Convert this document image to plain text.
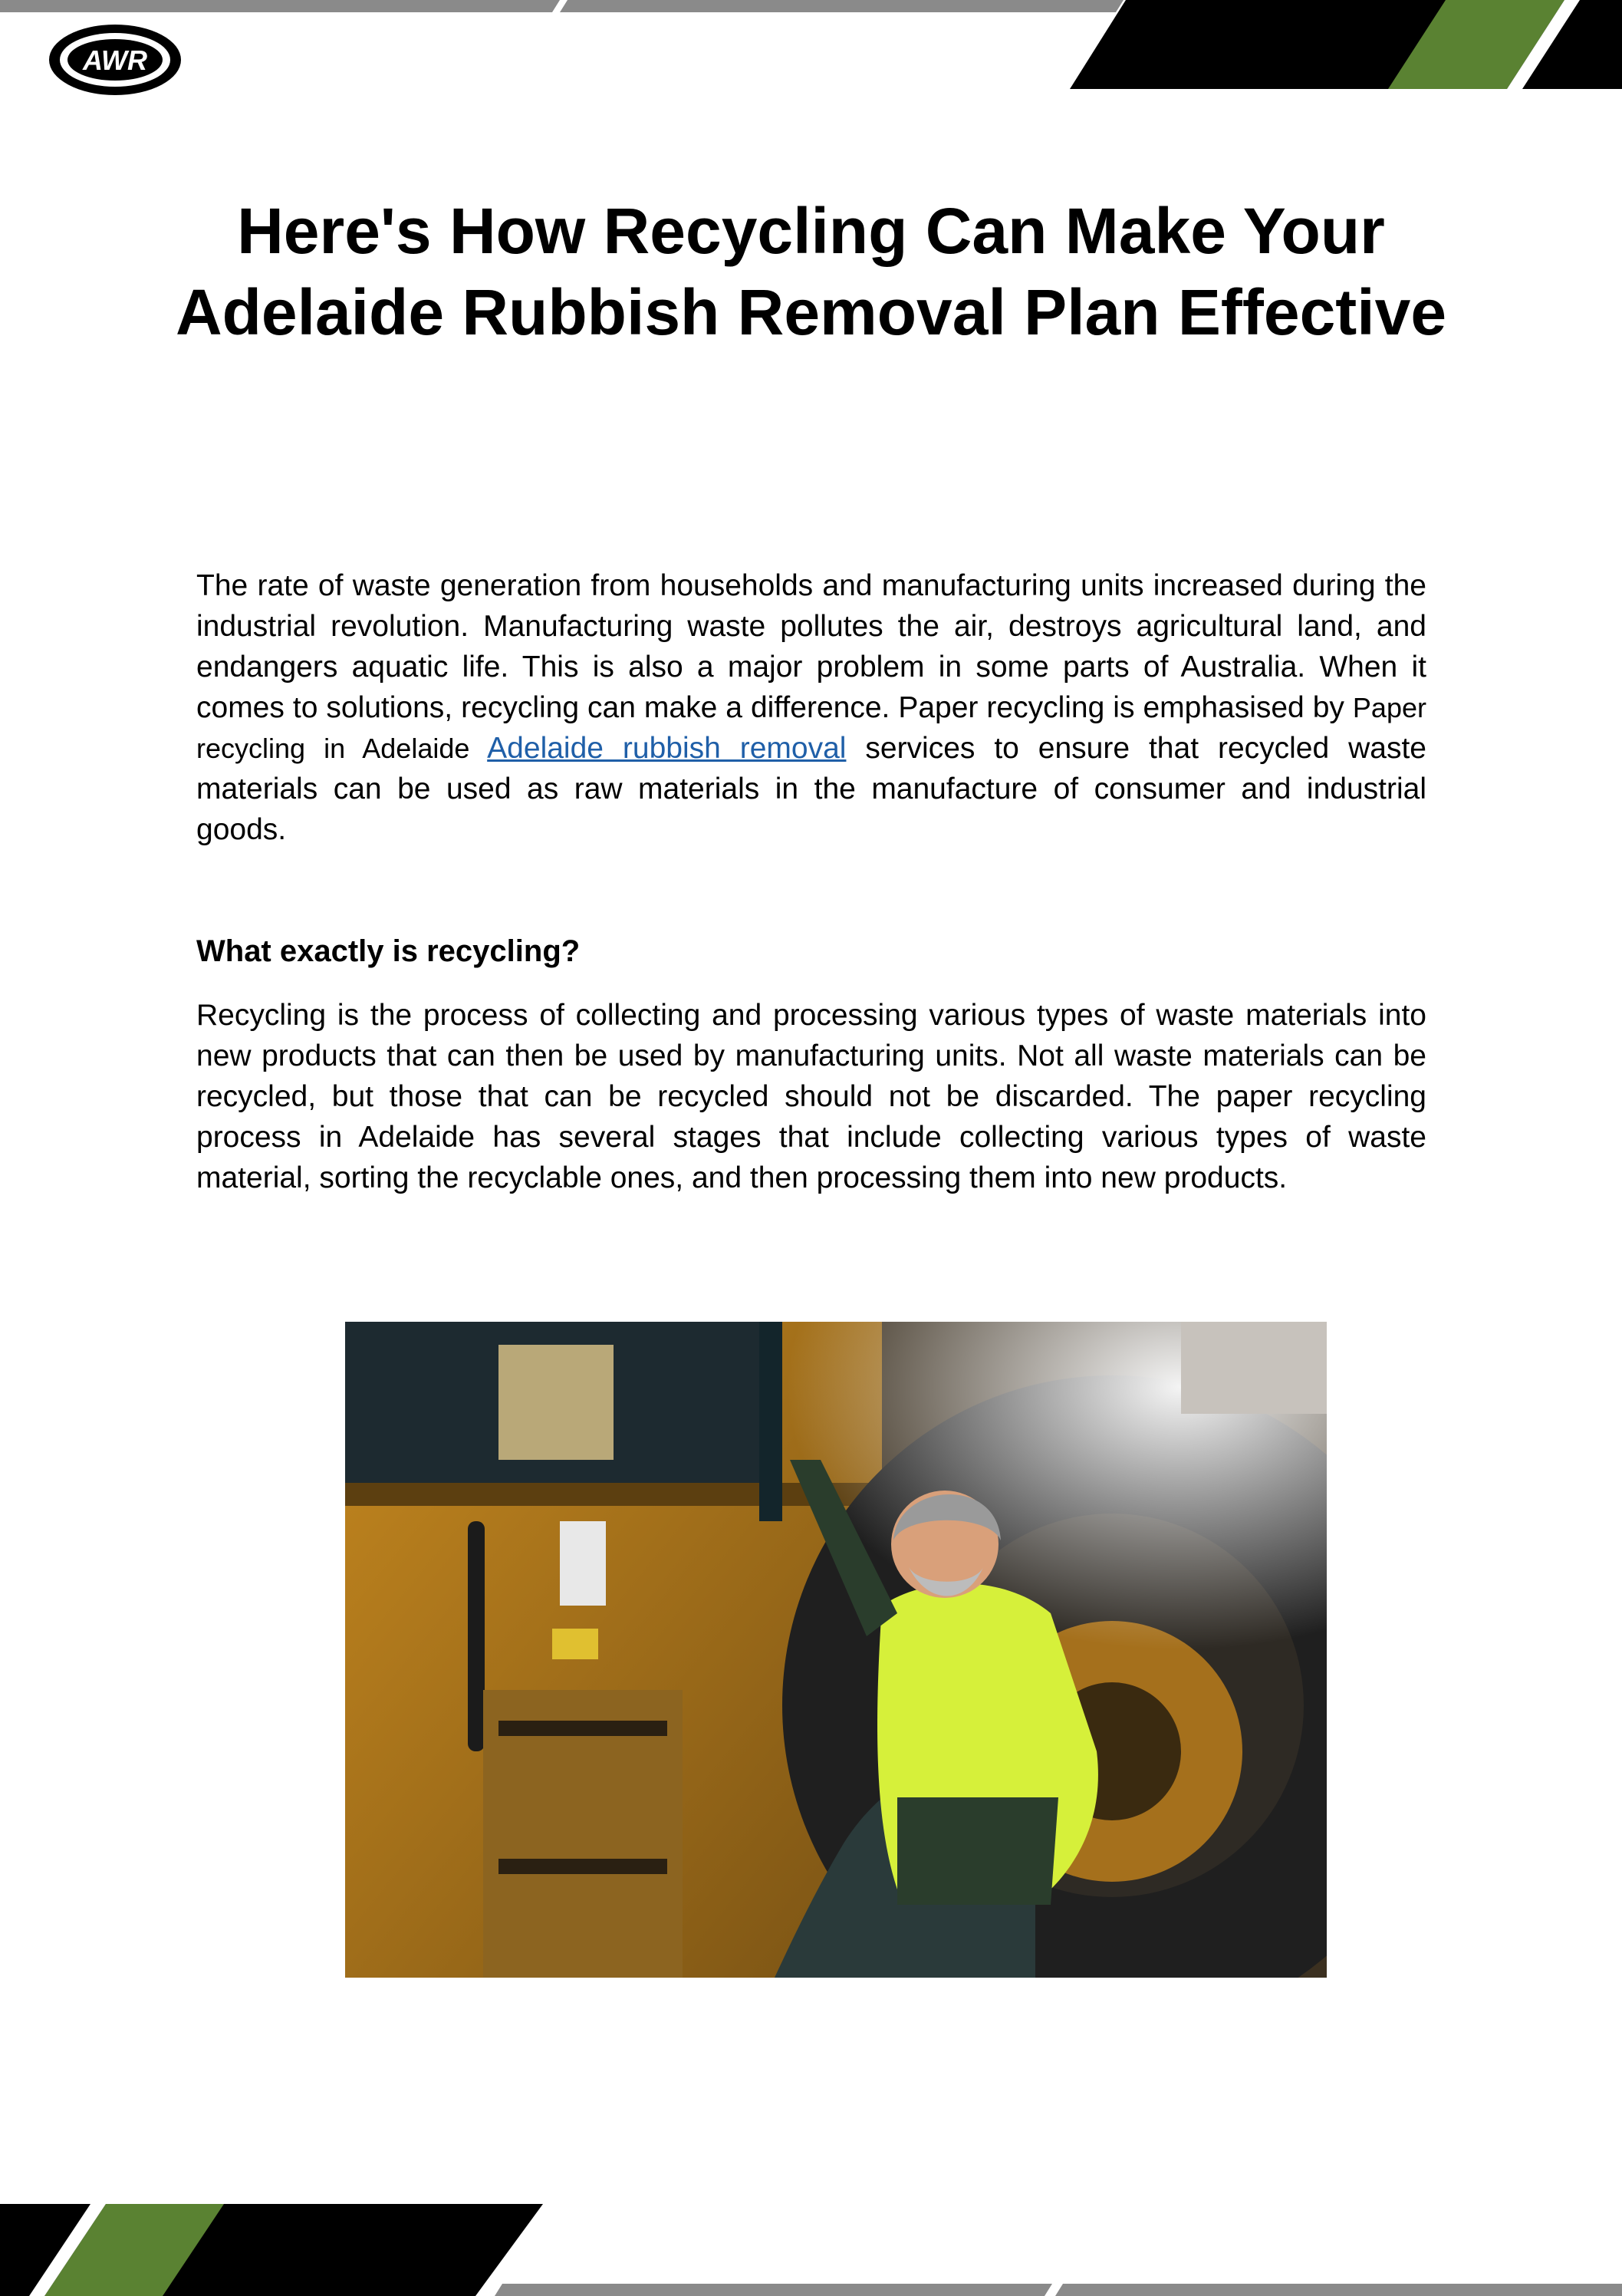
AWR
Here's How Recycling Can Make Your Adelaide Rubbish Removal Plan Effective

The rate of waste generation from households and manufacturing units increased during the industrial revolution. Manufacturing waste pollutes the air, destroys agricultural land, and endangers aquatic life. This is also a major problem in some parts of Australia. When it comes to solutions, recycling can make a difference. Paper recycling is emphasised by Paper recycling in Adelaide Adelaide rubbish removal services to ensure that recycled waste materials can be used as raw materials in the manufacture of consumer and industrial goods.

What exactly is recycling?

Recycling is the process of collecting and processing various types of waste materials into new products that can then be used by manufacturing units. Not all waste materials can be recycled, but those that can be recycled should not be discarded. The paper recycling process in Adelaide has several stages that include collecting various types of waste material, sorting the recyclable ones, and then processing them into new products.
